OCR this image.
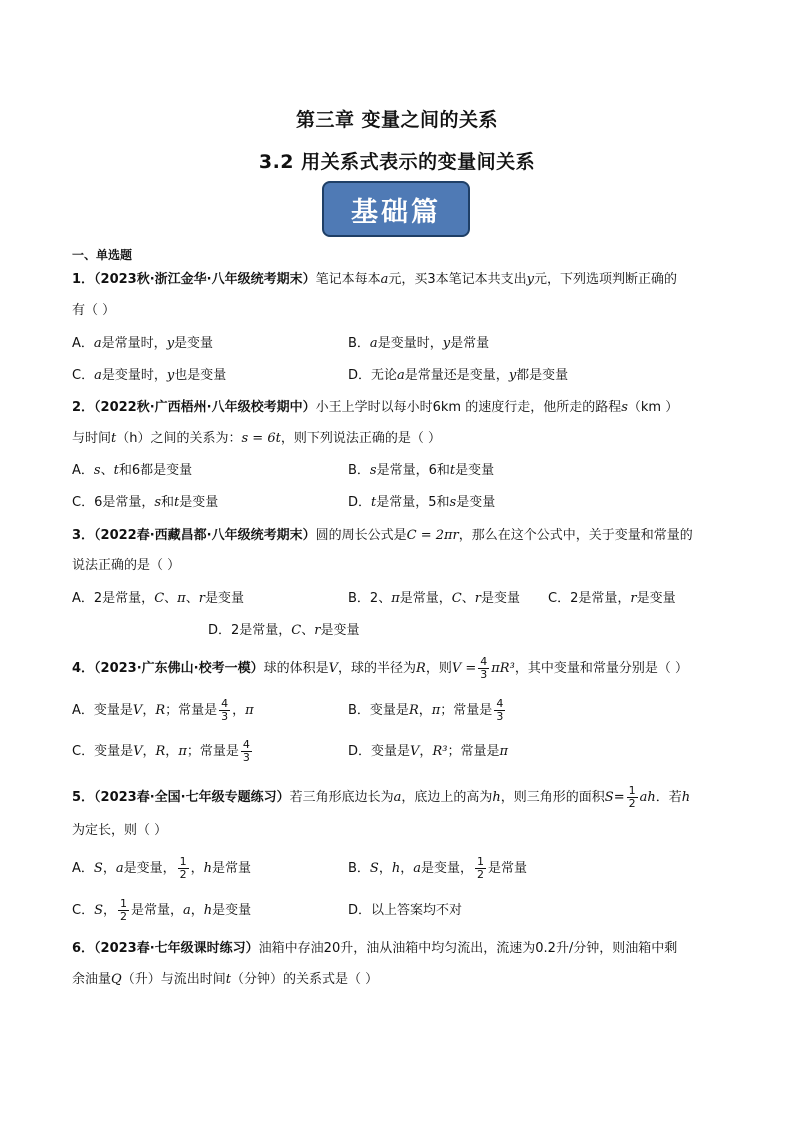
第三章 变量之间的关系
3.2 用关系式表示的变量间关系
基础篇
一、单选题
1．（2023秋·浙江金华·八年级统考期末）笔记本每本a元，买3本笔记本共支出y元，下列选项判断正确的
有（ ）
A．a是常量时，y是变量	B．a是变量时，y是常量
C．a是变量时，y也是变量	D．无论a是常量还是变量，y都是变量
2．（2022秋·广西梧州·八年级校考期中）小王上学时以每小时6km 的速度行走，他所走的路程s（km ）
与时间t（h）之间的关系为：s = 6t，则下列说法正确的是（ ）
A．s、t和6都是变量	B．s是常量，6和t是变量
C．6是常量，s和t是变量	D．t是常量，5和s是变量
3．（2022春·西藏昌都·八年级统考期末）圆的周长公式是C = 2πr，那么在这个公式中，关于变量和常量的
说法正确的是（ ）
A．2是常量，C、π、r是变量	B．2、π是常量，C、r是变量 C．2是常量，r是变量
D．2是常量，C、r是变量
4．（2023·广东佛山·校考一模）球的体积是V，球的半径为R，则$V = \frac{4}{3} \pi R^3$，其中变量和常量分别是（ ）
A．变量是V，R；常量是 $\frac{4}{3}$ ，π	B．变量是R，π；常量是 $\frac{4}{3}$
C．变量是V，R，π；常量是 $\frac{4}{3}$	D．变量是V，R³；常量是π
5．（2023春·全国·七年级专题练习）若三角形底边长为a，底边上的高为h，则三角形的面积$S= \frac{1}{2}$ ah．若h
为定长，则（ ）
A．S，a是变量， $\frac{1}{2}$ ，h是常量	B．S，h，a是变量， $\frac{1}{2}$ 是常量
C．S， $\frac{1}{2}$ 是常量，a，h是变量	D．以上答案均不对
6．（2023春·七年级课时练习）油箱中存油20升，油从油箱中均匀流出，流速为0.2升/分钟，则油箱中剩
余油量Q（升）与流出时间t（分钟）的关系式是（ ）
